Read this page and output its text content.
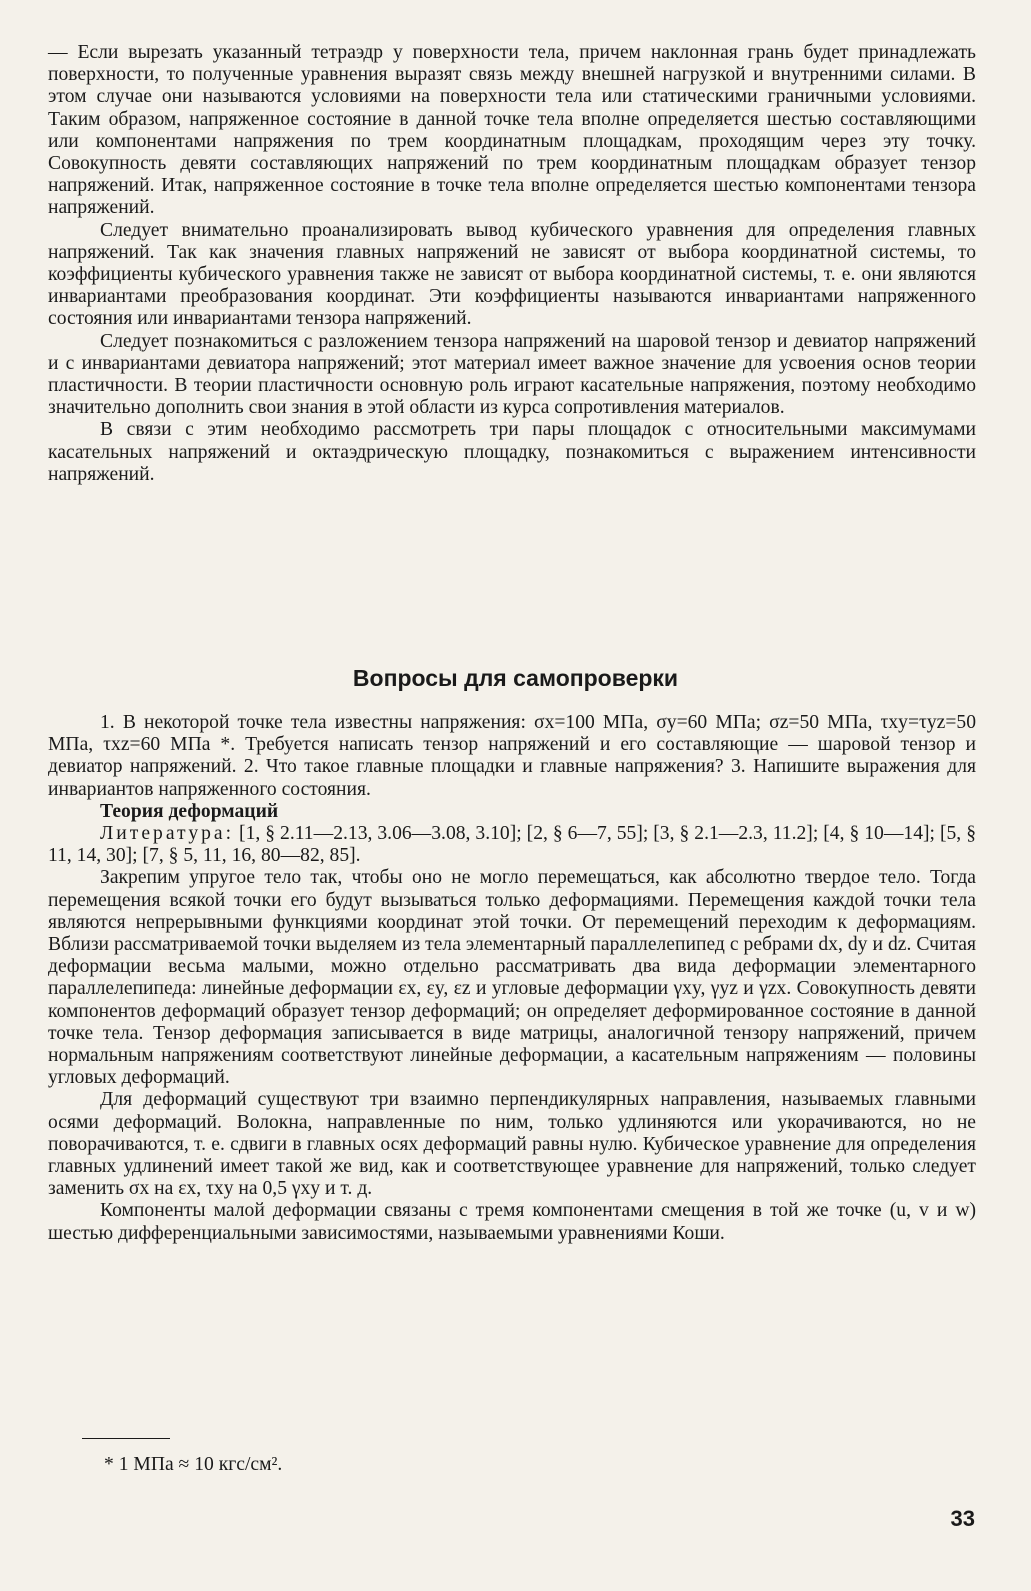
— Если вырезать указанный тетраэдр у поверхности тела, причем наклонная грань будет принадлежать поверхности, то полученные уравнения выразят связь между внешней нагрузкой и внутренними силами. В этом случае они называются условиями на поверхности тела или статическими граничными условиями. Таким образом, напряженное состояние в данной точке тела вполне определяется шестью составляющими или компонентами напряжения по трем координатным площадкам, проходящим через эту точку. Совокупность девяти составляющих напряжений по трем координатным площадкам образует тензор напряжений. Итак, напряженное состояние в точке тела вполне определяется шестью компонентами тензора напряжений.

Следует внимательно проанализировать вывод кубического уравнения для определения главных напряжений. Так как значения главных напряжений не зависят от выбора координатной системы, то коэффициенты кубического уравнения также не зависят от выбора координатной системы, т. е. они являются инвариантами преобразования координат. Эти коэффициенты называются инвариантами напряженного состояния или инвариантами тензора напряжений.

Следует познакомиться с разложением тензора напряжений на шаровой тензор и девиатор напряжений и с инвариантами девиатора напряжений; этот материал имеет важное значение для усвоения основ теории пластичности. В теории пластичности основную роль играют касательные напряжения, поэтому необходимо значительно дополнить свои знания в этой области из курса сопротивления материалов.

В связи с этим необходимо рассмотреть три пары площадок с относительными максимумами касательных напряжений и октаэдрическую площадку, познакомиться с выражением интенсивности напряжений.

Вопросы для самопроверки

1. В некоторой точке тела известны напряжения: σx=100 МПа, σy=60 МПа; σz=50 МПа, τxy=τyz=50 МПа, τxz=60 МПа *. Требуется написать тензор напряжений и его составляющие — шаровой тензор и девиатор напряжений. 2. Что такое главные площадки и главные напряжения? 3. Напишите выражения для инвариантов напряженного состояния.

Теория деформаций

Литература: [1, § 2.11—2.13, 3.06—3.08, 3.10]; [2, § 6—7, 55]; [3, § 2.1—2.3, 11.2]; [4, § 10—14]; [5, § 11, 14, 30]; [7, § 5, 11, 16, 80—82, 85].

Закрепим упругое тело так, чтобы оно не могло перемещаться, как абсолютно твердое тело. Тогда перемещения всякой точки его будут вызываться только деформациями. Перемещения каждой точки тела являются непрерывными функциями координат этой точки. От перемещений переходим к деформациям. Вблизи рассматриваемой точки выделяем из тела элементарный параллелепипед с ребрами dx, dy и dz. Считая деформации весьма малыми, можно отдельно рассматривать два вида деформации элементарного параллелепипеда: линейные деформации εx, εy, εz и угловые деформации γxy, γyz и γzx. Совокупность девяти компонентов деформаций образует тензор деформаций; он определяет деформированное состояние в данной точке тела. Тензор деформация записывается в виде матрицы, аналогичной тензору напряжений, причем нормальным напряжениям соответствуют линейные деформации, а касательным напряжениям — половины угловых деформаций.

Для деформаций существуют три взаимно перпендикулярных направления, называемых главными осями деформаций. Волокна, направленные по ним, только удлиняются или укорачиваются, но не поворачиваются, т. е. сдвиги в главных осях деформаций равны нулю. Кубическое уравнение для определения главных удлинений имеет такой же вид, как и соответствующее уравнение для напряжений, только следует заменить σx на εx, τxy на 0,5 γxy и т. д.

Компоненты малой деформации связаны с тремя компонентами смещения в той же точке (u, v и w) шестью дифференциальными зависимостями, называемыми уравнениями Коши.

* 1 МПа ≈ 10 кгс/см².
33
